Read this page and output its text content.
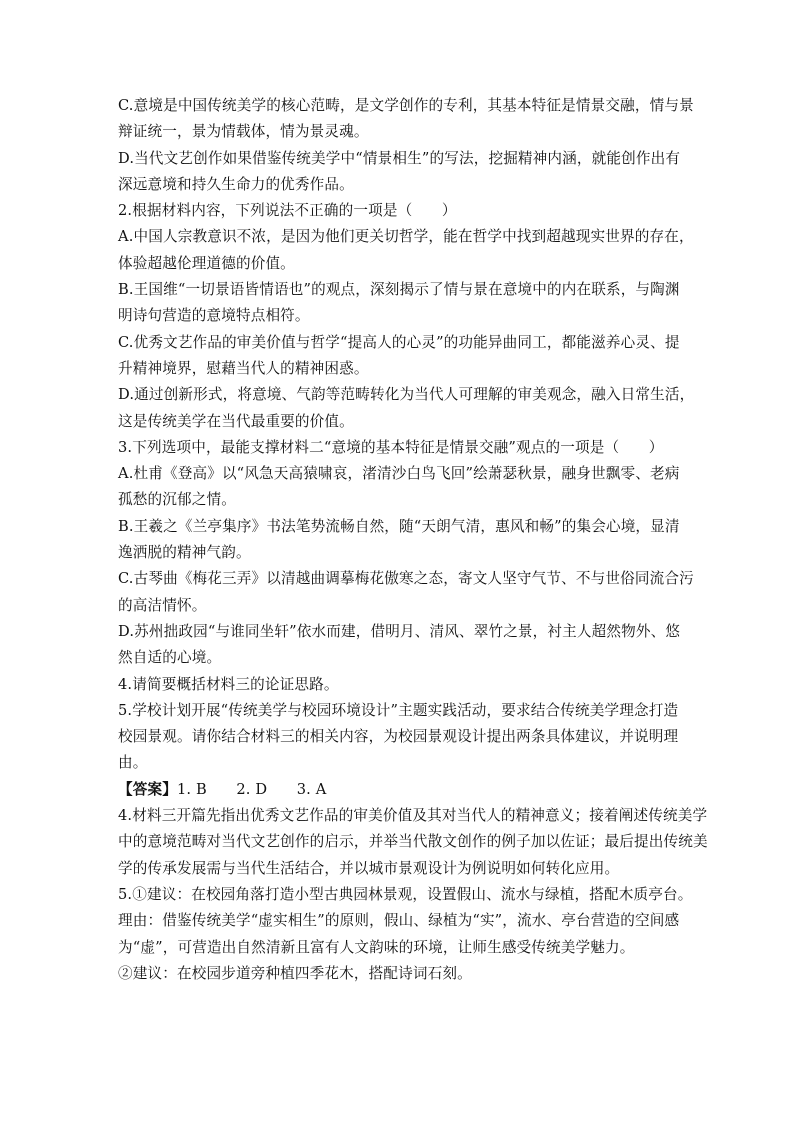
C.意境是中国传统美学的核心范畴，是文学创作的专利，其基本特征是情景交融，情与景
辩证统一，景为情载体，情为景灵魂。
D.当代文艺创作如果借鉴传统美学中“情景相生”的写法，挖掘精神内涵，就能创作出有
深远意境和持久生命力的优秀作品。
2.根据材料内容，下列说法不正确的一项是（　　）
A.中国人宗教意识不浓，是因为他们更关切哲学，能在哲学中找到超越现实世界的存在，
体验超越伦理道德的价值。
B.王国维“一切景语皆情语也”的观点，深刻揭示了情与景在意境中的内在联系，与陶渊
明诗句营造的意境特点相符。
C.优秀文艺作品的审美价值与哲学“提高人的心灵”的功能异曲同工，都能滋养心灵、提
升精神境界，慰藉当代人的精神困惑。
D.通过创新形式，将意境、气韵等范畴转化为当代人可理解的审美观念，融入日常生活，
这是传统美学在当代最重要的价值。
3.下列选项中，最能支撑材料二“意境的基本特征是情景交融”观点的一项是（　　）
A.杜甫《登高》以“风急天高猿啸哀，渚清沙白鸟飞回”绘萧瑟秋景，融身世飘零、老病
孤愁的沉郁之情。
B.王羲之《兰亭集序》书法笔势流畅自然，随“天朗气清，惠风和畅”的集会心境，显清
逸洒脱的精神气韵。
C.古琴曲《梅花三弄》以清越曲调摹梅花傲寒之态，寄文人坚守气节、不与世俗同流合污
的高洁情怀。
D.苏州拙政园“与谁同坐轩”依水而建，借明月、清风、翠竹之景，衬主人超然物外、悠
然自适的心境。
4.请简要概括材料三的论证思路。
5.学校计划开展“传统美学与校园环境设计”主题实践活动，要求结合传统美学理念打造
校园景观。请你结合材料三的相关内容，为校园景观设计提出两条具体建议，并说明理
由。
【答案】1. B　　2. D　　3. A
4.材料三开篇先指出优秀文艺作品的审美价值及其对当代人的精神意义；接着阐述传统美学
中的意境范畴对当代文艺创作的启示，并举当代散文创作的例子加以佐证；最后提出传统美
学的传承发展需与当代生活结合，并以城市景观设计为例说明如何转化应用。
5.①建议：在校园角落打造小型古典园林景观，设置假山、流水与绿植，搭配木质亭台。
理由：借鉴传统美学“虚实相生”的原则，假山、绿植为“实”，流水、亭台营造的空间感
为“虚”，可营造出自然清新且富有人文韵味的环境，让师生感受传统美学魅力。
②建议：在校园步道旁种植四季花木，搭配诗词石刻。
